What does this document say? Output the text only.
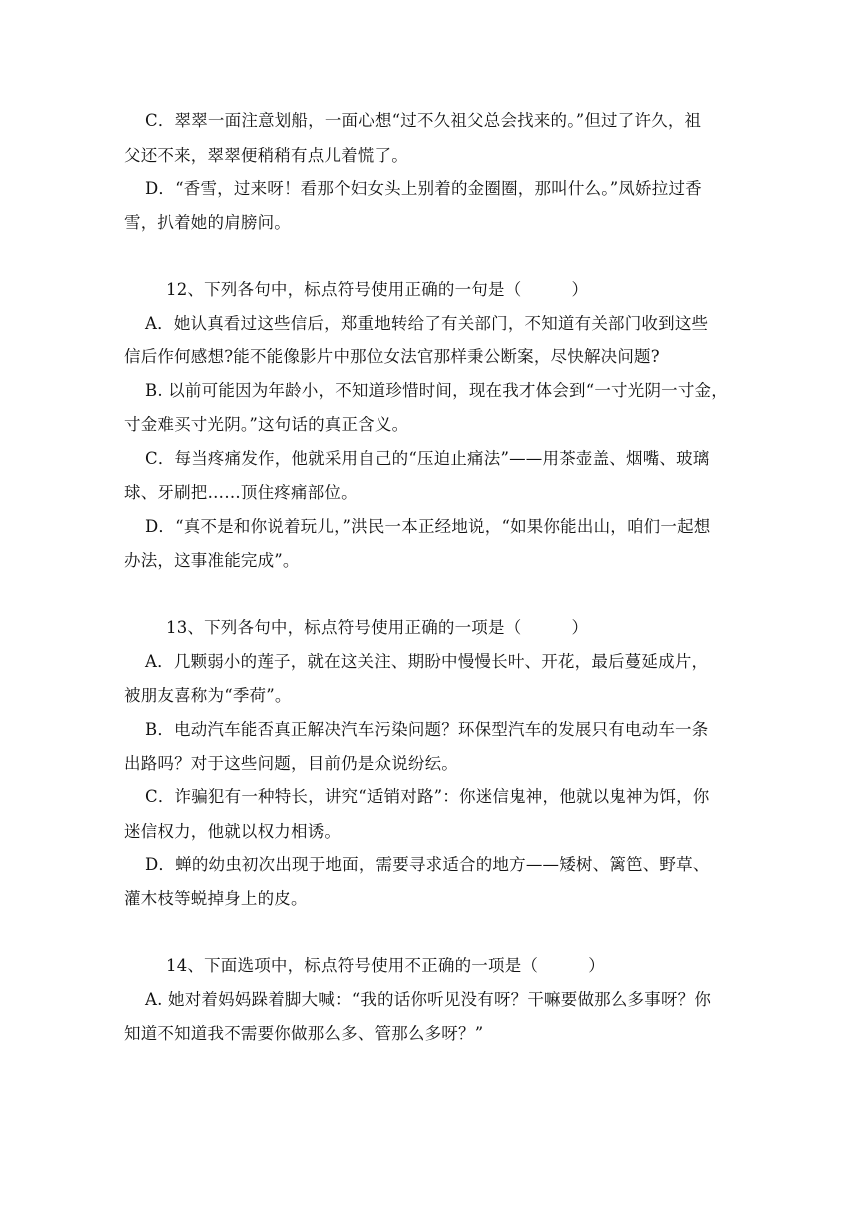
C．翠翠一面注意划船，一面心想“过不久祖父总会找来的。”但过了许久，祖
父还不来，翠翠便稍稍有点儿着慌了。
D．“香雪，过来呀！看那个妇女头上别着的金圈圈，那叫什么。”凤娇拉过香
雪，扒着她的肩膀问。
12、下列各句中，标点符号使用正确的一句是（　　　）
A．她认真看过这些信后，郑重地转给了有关部门，不知道有关部门收到这些
信后作何感想?能不能像影片中那位女法官那样秉公断案，尽快解决问题?
B. 以前可能因为年龄小，不知道珍惜时间，现在我才体会到“一寸光阴一寸金，
寸金难买寸光阴。”这句话的真正含义。
C．每当疼痛发作，他就采用自己的“压迫止痛法”——用茶壶盖、烟嘴、玻璃
球、牙刷把……顶住疼痛部位。
D．“真不是和你说着玩儿，”洪民一本正经地说，“如果你能出山，咱们一起想
办法，这事准能完成”。
13、下列各句中，标点符号使用正确的一项是（　　　）
A．几颗弱小的莲子，就在这关注、期盼中慢慢长叶、开花，最后蔓延成片，
被朋友喜称为“季荷”。
B．电动汽车能否真正解决汽车污染问题？环保型汽车的发展只有电动车一条
出路吗？对于这些问题，目前仍是众说纷纭。
C．诈骗犯有一种特长，讲究“适销对路”：你迷信鬼神，他就以鬼神为饵，你
迷信权力，他就以权力相诱。
D．蝉的幼虫初次出现于地面，需要寻求适合的地方——矮树、篱笆、野草、
灌木枝等蜕掉身上的皮。
14、下面选项中，标点符号使用不正确的一项是（　　　）
A. 她对着妈妈跺着脚大喊：“我的话你听见没有呀？干嘛要做那么多事呀？你
知道不知道我不需要你做那么多、管那么多呀？”
